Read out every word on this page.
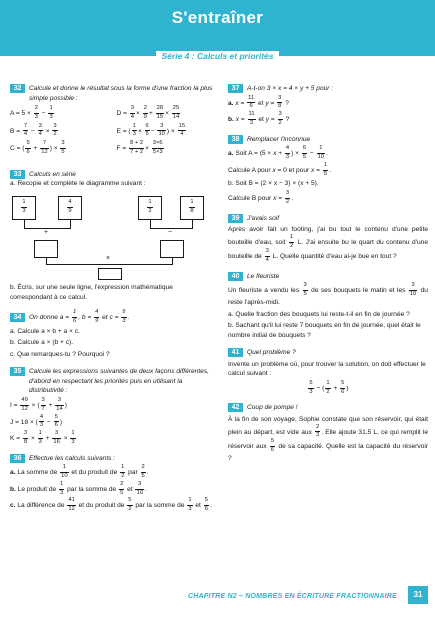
S'entraîner
Série 4 : Calculs et priorités
32	Calcule et donne le résultat sous la forme d'une fraction la plus simple possible :
$A = 5 \times \frac{2}{3} - \frac{1}{3}$	$D = \frac{3}{4} \times \frac{2}{9} + \frac{28}{15} \times \frac{25}{14}$
$B = \frac{7}{4} - \frac{3}{4} \times \frac{3}{2}$	E = ( $\frac{1}{3} \times \frac{6}{5} - \frac{3}{10}$ ) × $\frac{15}{4}$
C = ( $\frac{5}{6} + \frac{7}{12}$ ) × $\frac{3}{5}$	$F = \frac{8 + 2}{7 + 2} \times \frac{3\times 6}{5\times 3}$
33	Calculs en série
a. Recopie et complète le diagramme suivant :
$\frac{1}{3}$	$\frac{4}{9}$	$\frac{1}{2}$	$\frac{1}{8}$
+	−
×
b. Écris, sur une seule ligne, l'expression mathématique correspondant à ce calcul.
34	On donne $a = \frac{1}{6}$ , $b = \frac{4}{9}$ et $c = \frac{5}{3}$ .
a. Calcule a × b + a × c.
b. Calcule a × (b + c).
c. Que remarques-tu ? Pourquoi ?
35	Calcule les expressions suivantes de deux façons différentes, d'abord en respectant les priorités puis en utilisant la distributivité :
$I = \frac{49}{12}$ × ( $\frac{3}{7} + \frac{3}{14}$ )
J = 18 × ( $\frac{4}{3} - \frac{5}{6}$ )
$K = \frac{3}{8} \times \frac{1}{3} + \frac{3}{16} \times \frac{1}{3}$
36	Effectue les calculs suivants :
a. La somme de $\frac{1}{10}$ et du produit de $\frac{1}{2}$ par $\frac{2}{5}$ .
b. Le produit de $\frac{1}{3}$ par la somme de $\frac{2}{5}$ et $\frac{3}{10}$ .
c. La différence de $\frac{41}{12}$ et du produit de $\frac{5}{2}$ par la somme de $\frac{1}{3}$ et $\frac{5}{6}$ .
37	A-t-on 3 × x = 4 × y + 5 pour :
a. $x = \frac{11}{6}$ et $y = \frac{3}{8}$ ?
b. $x = \frac{11}{3}$ et $y = \frac{3}{2}$ ?
38	Remplacer l'inconnue
a. Soit $A = (5 \times x + \frac{4}{3}$ ) × $\frac{6}{5} - \frac{1}{10}$ .
Calcule A pour x = 0 et pour $x = \frac{1}{5}$ .
b. Soit B = (2 × x − 3) × (x + 5).
Calcule B pour $x = \frac{3}{2}$ .
39	J'avais soif
Après avoir fait un footing, j'ai bu tout le contenu d'une petite bouteille d'eau, soit $\frac{1}{2} L$. J'ai ensuite bu le quart du contenu d'une bouteille de $\frac{3}{4} L$. Quelle quantité d'eau ai-je bue en tout ?
40	Le fleuriste
Un fleuriste a vendu les $\frac{3}{5}$ de ses bouquets le matin et les $\frac{3}{10}$ du reste l'après-midi.
a. Quelle fraction des bouquets lui reste-t-il en fin de journée ?
b. Sachant qu'il lui reste 7 bouquets en fin de journée, quel était le nombre initial de bouquets ?
41	Quel problème ?
Invente un problème où, pour trouver la solution, on doit effectuer le calcul suivant :
$\frac{5}{3}$ − ( $\frac{1}{2} + \frac{5}{6}$ )
42	Coup de pompe !
À la fin de son voyage, Sophie constate que son réservoir, qui était plein au départ, est vide aux $\frac{2}{3}$ . Elle ajoute 31,5 L, ce qui remplit le réservoir aux $\frac{5}{6}$ de sa capacité. Quelle est la capacité du réservoir ?
CHAPITRE N2 – NOMBRES EN ÉCRITURE FRACTIONNAIRE	31
